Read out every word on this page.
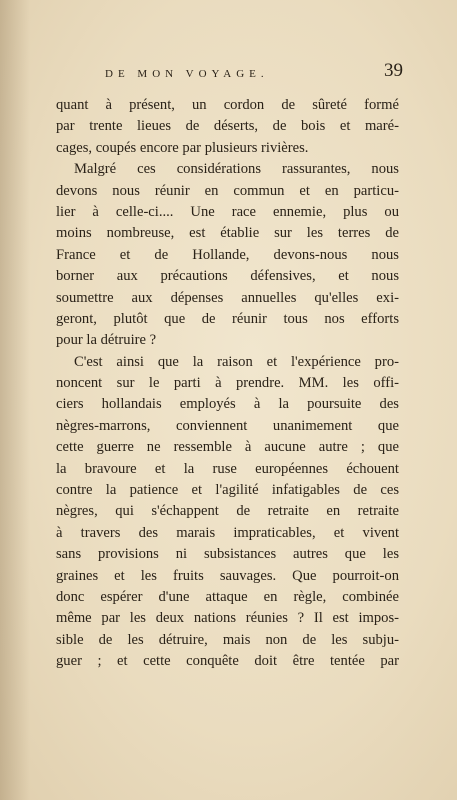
DE MON VOYAGE.	39

quant à présent, un cordon de sûreté formé
par trente lieues de déserts, de bois et maré-
cages, coupés encore par plusieurs rivières.

Malgré ces considérations rassurantes, nous
devons nous réunir en commun et en particu-
lier à celle-ci.... Une race ennemie, plus ou
moins nombreuse, est établie sur les terres de
France et de Hollande, devons-nous nous
borner aux précautions défensives, et nous
soumettre aux dépenses annuelles qu'elles exi-
geront, plutôt que de réunir tous nos efforts
pour la détruire ?

C'est ainsi que la raison et l'expérience pro-
noncent sur le parti à prendre. MM. les offi-
ciers hollandais employés à la poursuite des
nègres-marrons, conviennent unanimement que
cette guerre ne ressemble à aucune autre ; que
la bravoure et la ruse européennes échouent
contre la patience et l'agilité infatigables de ces
nègres, qui s'échappent de retraite en retraite
à travers des marais impraticables, et vivent
sans provisions ni subsistances autres que les
graines et les fruits sauvages. Que pourroit-on
donc espérer d'une attaque en règle, combinée
même par les deux nations réunies ? Il est impos-
sible de les détruire, mais non de les subju-
guer ; et cette conquête doit être tentée par
